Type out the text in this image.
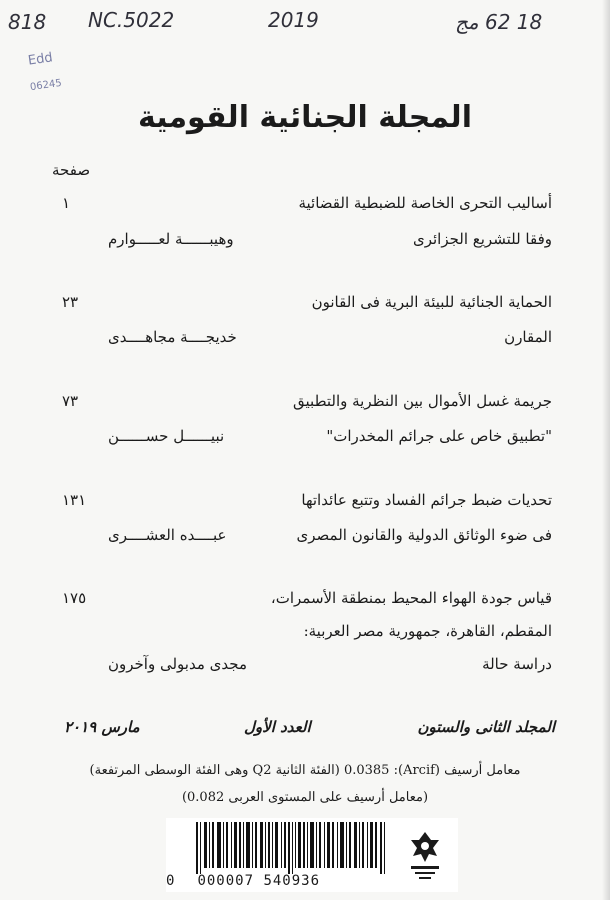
818 NC.5022	2019	18 62 مج
Edd
06245
المجلة الجنائية القومية
صفحة
أساليب التحرى الخاصة للضبطية القضائية
١
وفقا للتشريع الجزائرى
وهيبــــــة لعـــــوارم
الحماية الجنائية للبيئة البرية فى القانون
٢٣
المقارن
خديجــــة مجاهــــدى
جريمة غسل الأموال بين النظرية والتطبيق
٧٣
"تطبيق خاص على جرائم المخدرات"
نبيــــــل حســــــن
تحديات ضبط جرائم الفساد وتتبع عائداتها
١٣١
فى ضوء الوثائق الدولية والقانون المصرى
عبــــده العشــــرى
قياس جودة الهواء المحيط بمنطقة الأسمرات،
١٧٥
المقطم، القاهرة، جمهورية مصر العربية:
دراسة حالة
مجدى مدبولى وآخرون
المجلد الثانى والستون
العدد الأول
مارس ٢٠١٩
معامل أرسيف (Arcif): 0.0385 (الفئة الثانية Q2 وهى الفئة الوسطى المرتفعة)
(معامل أرسيف على المستوى العربى 0.082)
0 000007 540936
